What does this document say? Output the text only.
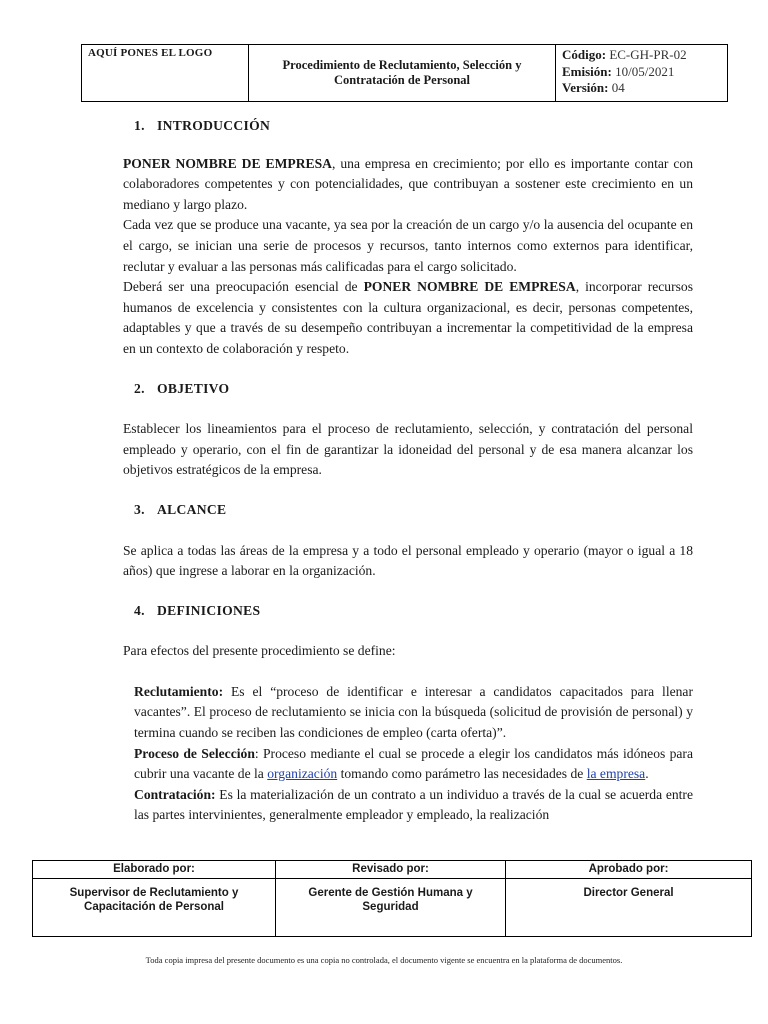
AQUÍ PONES EL LOGO
Procedimiento de Reclutamiento, Selección y Contratación de Personal
Código: EC-GH-PR-02
Emisión: 10/05/2021
Versión: 04
1. INTRODUCCIÓN

PONER NOMBRE DE EMPRESA, una empresa en crecimiento; por ello es importante contar con colaboradores competentes y con potencialidades, que contribuyan a sostener este crecimiento en un mediano y largo plazo.

Cada vez que se produce una vacante, ya sea por la creación de un cargo y/o la ausencia del ocupante en el cargo, se inician una serie de procesos y recursos, tanto internos como externos para identificar, reclutar y evaluar a las personas más calificadas para el cargo solicitado.

Deberá ser una preocupación esencial de PONER NOMBRE DE EMPRESA, incorporar recursos humanos de excelencia y consistentes con la cultura organizacional, es decir, personas competentes, adaptables y que a través de su desempeño contribuyan a incrementar la competitividad de la empresa en un contexto de colaboración y respeto.

2. OBJETIVO

Establecer los lineamientos para el proceso de reclutamiento, selección, y contratación del personal empleado y operario, con el fin de garantizar la idoneidad del personal y de esa manera alcanzar los objetivos estratégicos de la empresa.

3. ALCANCE

Se aplica a todas las áreas de la empresa y a todo el personal empleado y operario (mayor o igual a 18 años) que ingrese a laborar en la organización.

4. DEFINICIONES

Para efectos del presente procedimiento se define:

Reclutamiento: Es el “proceso de identificar e interesar a candidatos capacitados para llenar vacantes”. El proceso de reclutamiento se inicia con la búsqueda (solicitud de provisión de personal) y termina cuando se reciben las condiciones de empleo (carta oferta)”.

Proceso de Selección: Proceso mediante el cual se procede a elegir los candidatos más idóneos para cubrir una vacante de la organización tomando como parámetro las necesidades de la empresa.

Contratación: Es la materialización de un contrato a un individuo a través de la cual se acuerda entre las partes intervinientes, generalmente empleador y empleado, la realización

Elaborado por:	Revisado por:	Aprobado por:
Supervisor de Reclutamiento y Capacitación de Personal
Gerente de Gestión Humana y Seguridad
Director General
Toda copia impresa del presente documento es una copia no controlada, el documento vigente se encuentra en la plataforma de documentos.
